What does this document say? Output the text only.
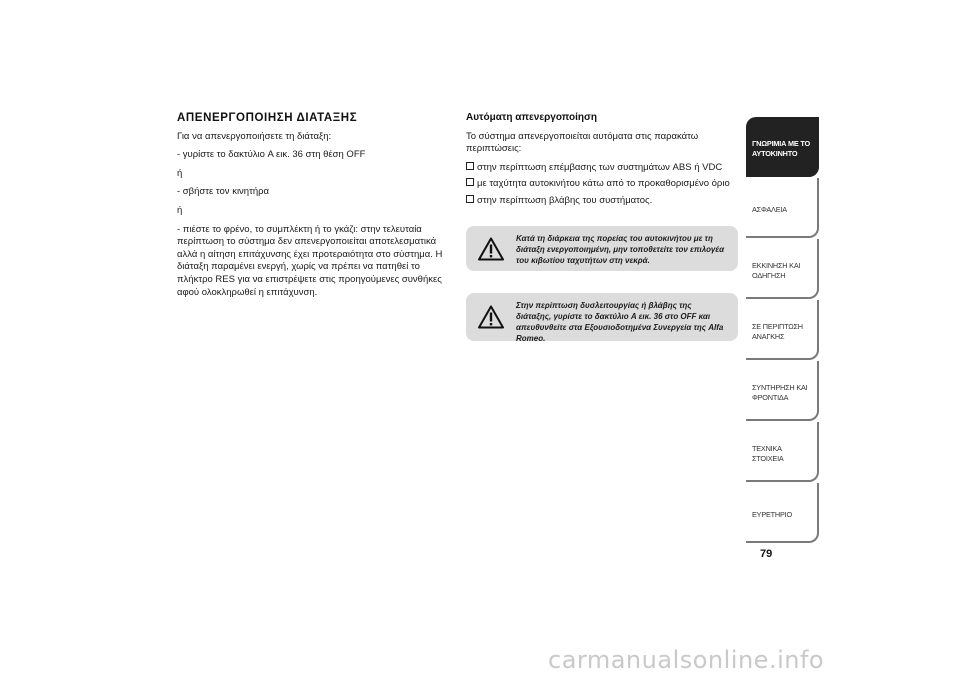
ΑΠΕΝΕΡΓΟΠΟΙΗΣΗ ΔΙΑΤΑΞΗΣ

Για να απενεργοποιήσετε τη διάταξη:

- γυρίστε το δακτύλιο A εικ. 36 στη θέση OFF

ή

- σβήστε τον κινητήρα

ή

- πιέστε το φρένο, το συμπλέκτη ή το γκάζι: στην τελευταία περίπτωση το σύστημα δεν απενεργοποιείται αποτελεσματικά αλλά η αίτηση επιτάχυνσης έχει προτεραιότητα στο σύστημα. Η διάταξη παραμένει ενεργή, χωρίς να πρέπει να πατηθεί το πλήκτρο RES για να επιστρέψετε στις προηγούμενες συνθήκες αφού ολοκληρωθεί η επιτάχυνση.

Αυτόματη απενεργοποίηση

Το σύστημα απενεργοποιείται αυτόματα στις παρακάτω περιπτώσεις:

στην περίπτωση επέμβασης των συστημάτων ABS ή VDC
με ταχύτητα αυτοκινήτου κάτω από το προκαθορισμένο όριο
στην περίπτωση βλάβης του συστήματος.
Κατά τη διάρκεια της πορείας του αυτοκινήτου με τη διάταξη ενεργοποιημένη, μην τοποθετείτε τον επιλογέα του κιβωτίου ταχυτήτων στη νεκρά.
Στην περίπτωση δυσλειτουργίας ή βλάβης της διάταξης, γυρίστε το δακτύλιο A εικ. 36 στο OFF και απευθυνθείτε στα Εξουσιοδοτημένα Συνεργεία της Alfa Romeo.
ΓΝΩΡΙΜΙΑ ΜΕ ΤΟ
ΑΥΤΟΚΙΝΗΤΟ
ΑΣΦΑΛΕΙΑ
ΕΚΚΙΝΗΣΗ ΚΑΙ
ΟΔΗΓΗΣΗ
ΣΕ ΠΕΡΙΠΤΩΣΗ
ΑΝΑΓΚΗΣ
ΣΥΝΤΗΡΗΣΗ ΚΑΙ
ΦΡΟΝΤΙΔΑ
ΤΕΧΝΙΚΑ ΣΤΟΙΧΕΙΑ
ΕΥΡΕΤΗΡΙΟ
79
carmanualsonline.info
